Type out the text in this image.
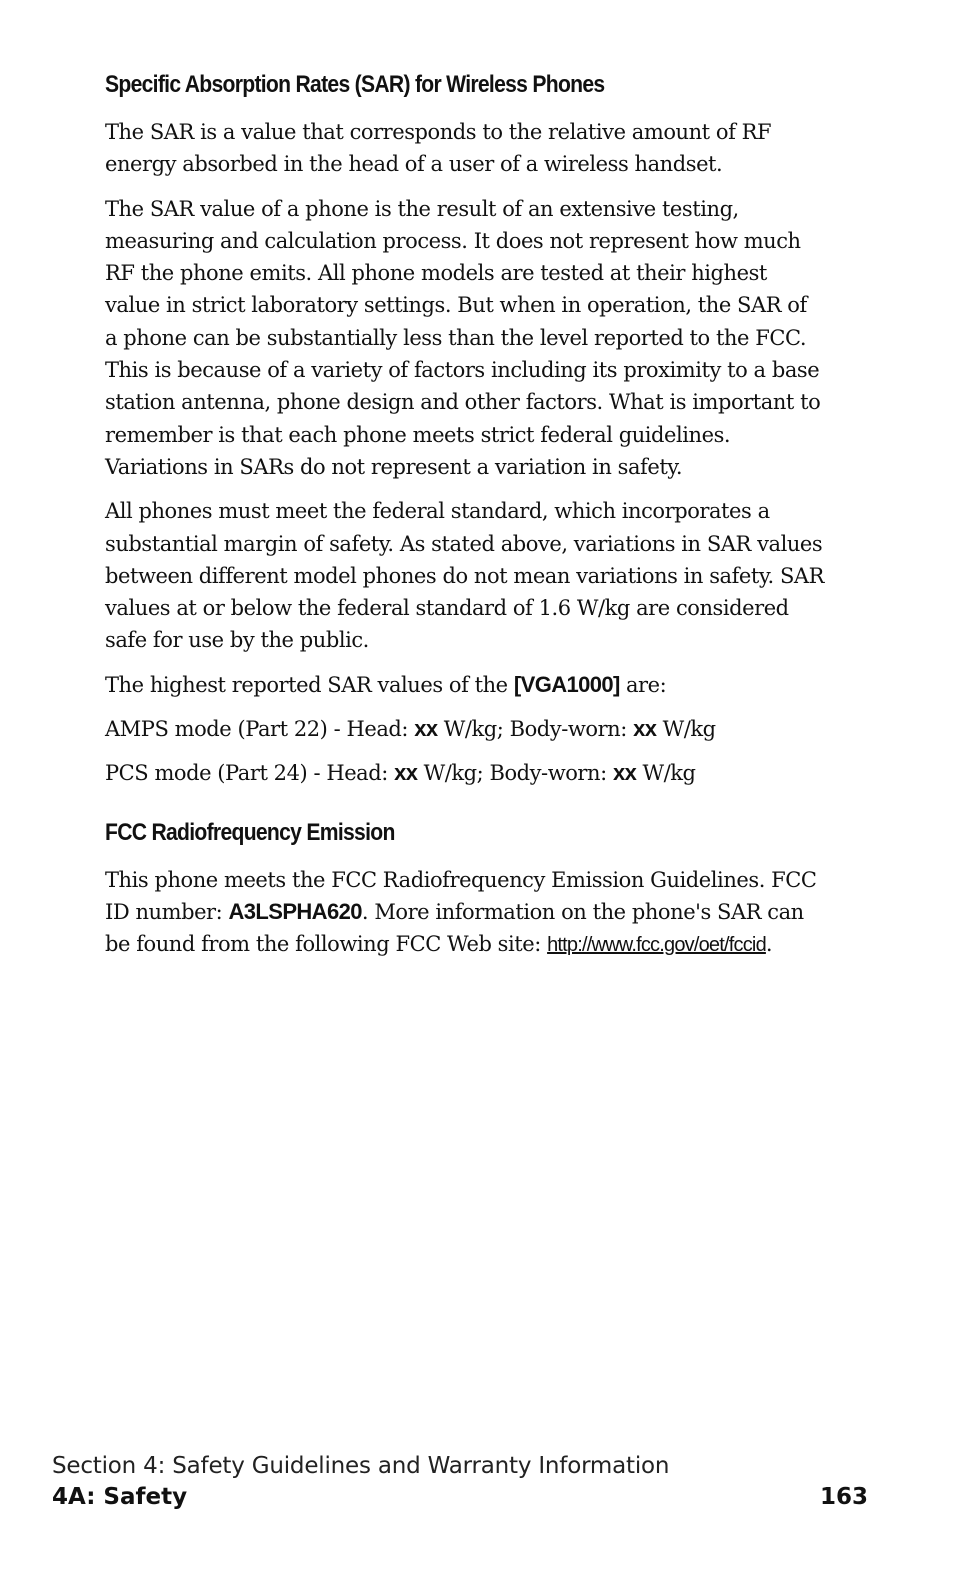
Specific Absorption Rates (SAR) for Wireless Phones

The SAR is a value that corresponds to the relative amount of RF energy absorbed in the head of a user of a wireless handset.

The SAR value of a phone is the result of an extensive testing, measuring and calculation process. It does not represent how much RF the phone emits. All phone models are tested at their highest value in strict laboratory settings. But when in operation, the SAR of a phone can be substantially less than the level reported to the FCC. This is because of a variety of factors including its proximity to a base station antenna, phone design and other factors. What is important to remember is that each phone meets strict federal guidelines. Variations in SARs do not represent a variation in safety.

All phones must meet the federal standard, which incorporates a substantial margin of safety. As stated above, variations in SAR values between different model phones do not mean variations in safety. SAR values at or below the federal standard of 1.6 W/kg are considered safe for use by the public.

The highest reported SAR values of the [VGA1000] are:

AMPS mode (Part 22) - Head: xx W/kg; Body-worn: xx W/kg

PCS mode (Part 24) - Head: xx W/kg; Body-worn: xx W/kg

FCC Radiofrequency Emission

This phone meets the FCC Radiofrequency Emission Guidelines. FCC ID number: A3LSPHA620. More information on the phone's SAR can be found from the following FCC Web site: http://www.fcc.gov/oet/fccid.

Section 4: Safety Guidelines and Warranty Information
4A: Safety	163
